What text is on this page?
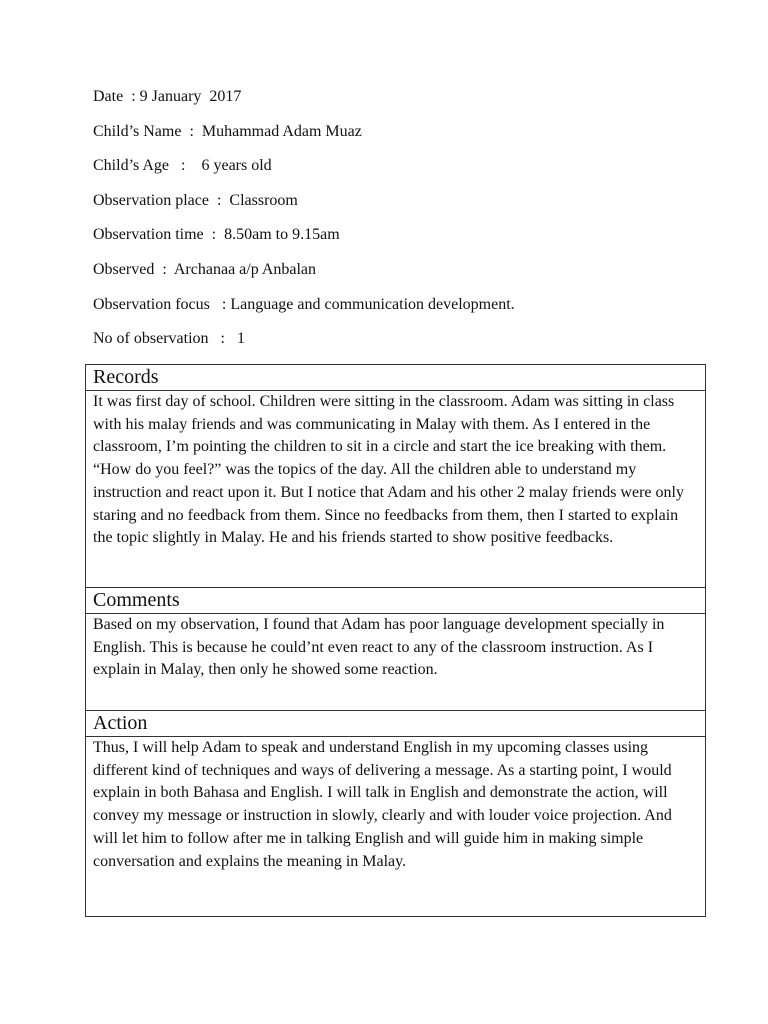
Date  : 9 January  2017
Child’s Name  :  Muhammad Adam Muaz
Child’s Age   :    6 years old
Observation place  :  Classroom
Observation time  :  8.50am to 9.15am
Observed  :  Archanaa a/p Anbalan
Observation focus   : Language and communication development.
No of observation   :   1
Records

It was first day of school. Children were sitting in the classroom. Adam was sitting in class with his malay friends and was communicating in Malay with them. As I entered in the classroom, I’m pointing the children to sit in a circle and start the ice breaking with them. “How do you feel?” was the topics of the day. All the children able to understand my instruction and react upon it. But I notice that Adam and his other 2 malay friends were only staring and no feedback from them. Since no feedbacks from them, then I started to explain the topic slightly in Malay. He and his friends started to show positive feedbacks.

Comments

Based on my observation, I found that Adam has poor language development specially in English. This is because he could’nt even react to any of the classroom instruction. As I explain in Malay, then only he showed some reaction.

Action

Thus, I will help Adam to speak and understand English in my upcoming classes using different kind of techniques and ways of delivering a message. As a starting point, I would explain in both Bahasa and English. I will talk in English and demonstrate the action, will convey my message or instruction in slowly, clearly and with louder voice projection. And will let him to follow after me in talking English and will guide him in making simple conversation and explains the meaning in Malay.
